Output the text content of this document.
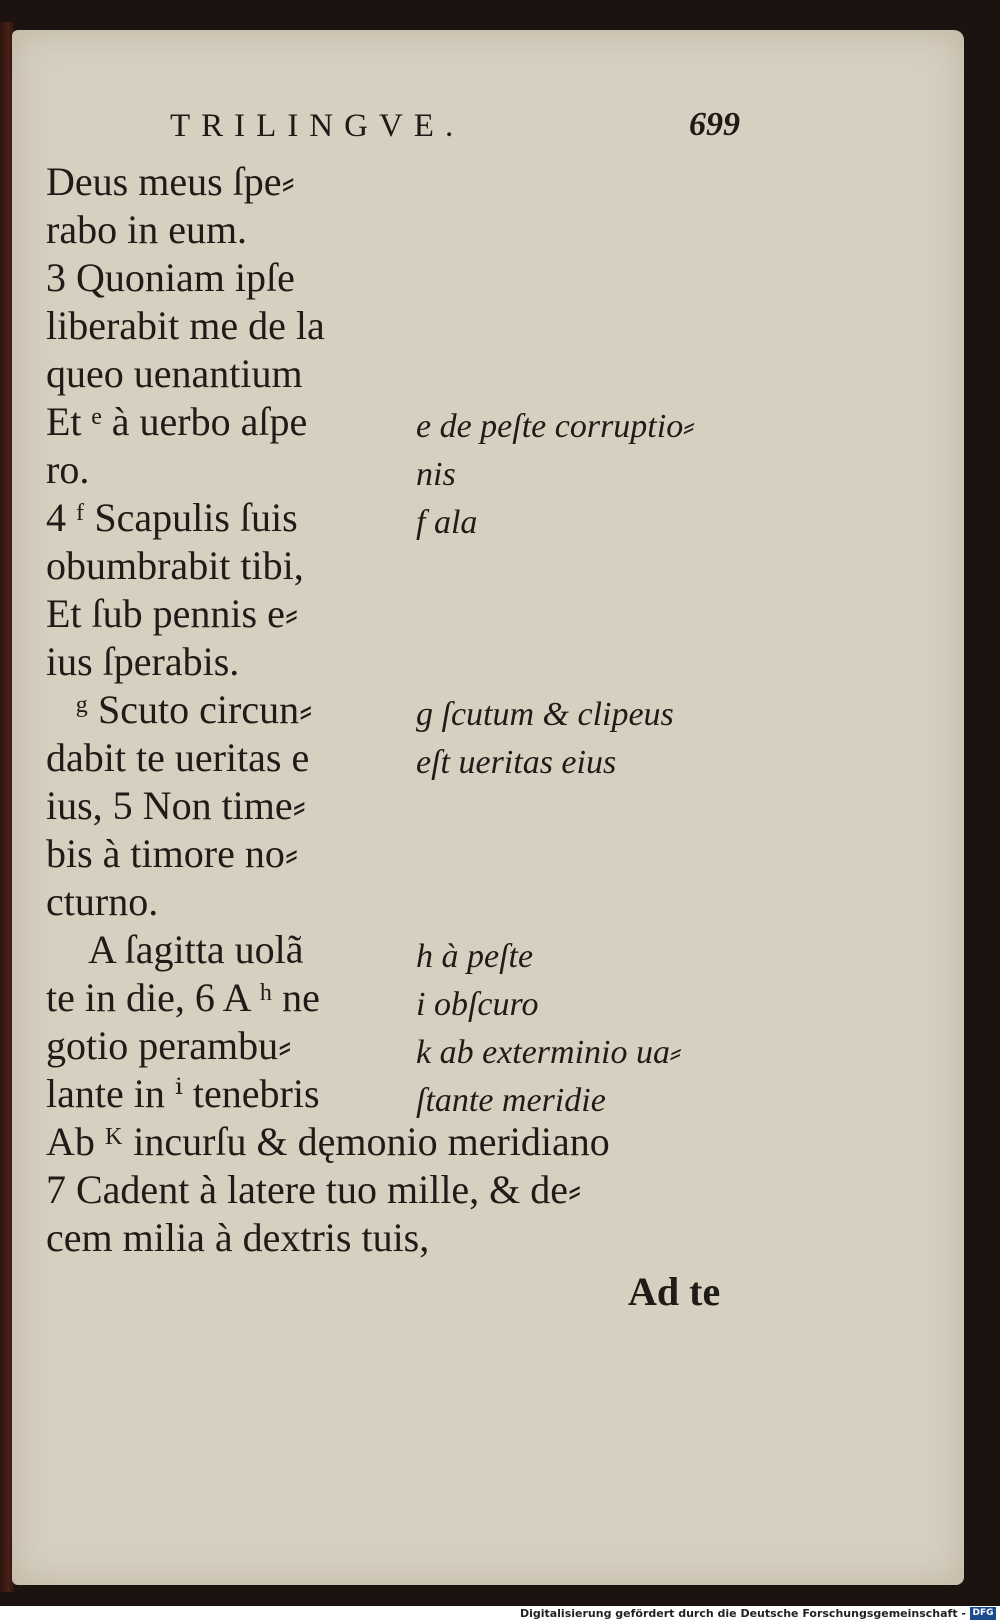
TRILINGVE.	699
Deus meus ſpe⸗
rabo in eum.
3 Quoniam ipſe
liberabit me de la
queo uenantium
Et ᵉ à uerbo aſpe
ro.
4 ᶠ Scapulis ſuis
obumbrabit tibi,
Et ſub pennis e⸗
ius ſperabis.
ᵍ Scuto circun⸗
dabit te ueritas e
ius, 5 Non time⸗
bis à timore no⸗
cturno.
A ſagitta uolã
te in die, 6 A ʰ ne
gotio perambu⸗
lante in ⁱ tenebris
e de peſte corruptio⸗
nis
f ala
g ſcutum & clipeus
eſt ueritas eius
h à peſte
i obſcuro
k ab exterminio ua⸗
ſtante meridie
Ab ᴷ incurſu & dęmonio meridiano
7 Cadent à latere tuo mille, & de⸗
cem milia à dextris tuis,
Ad te
Digitalisierung gefördert durch die Deutsche Forschungsgemeinschaft - DFG
